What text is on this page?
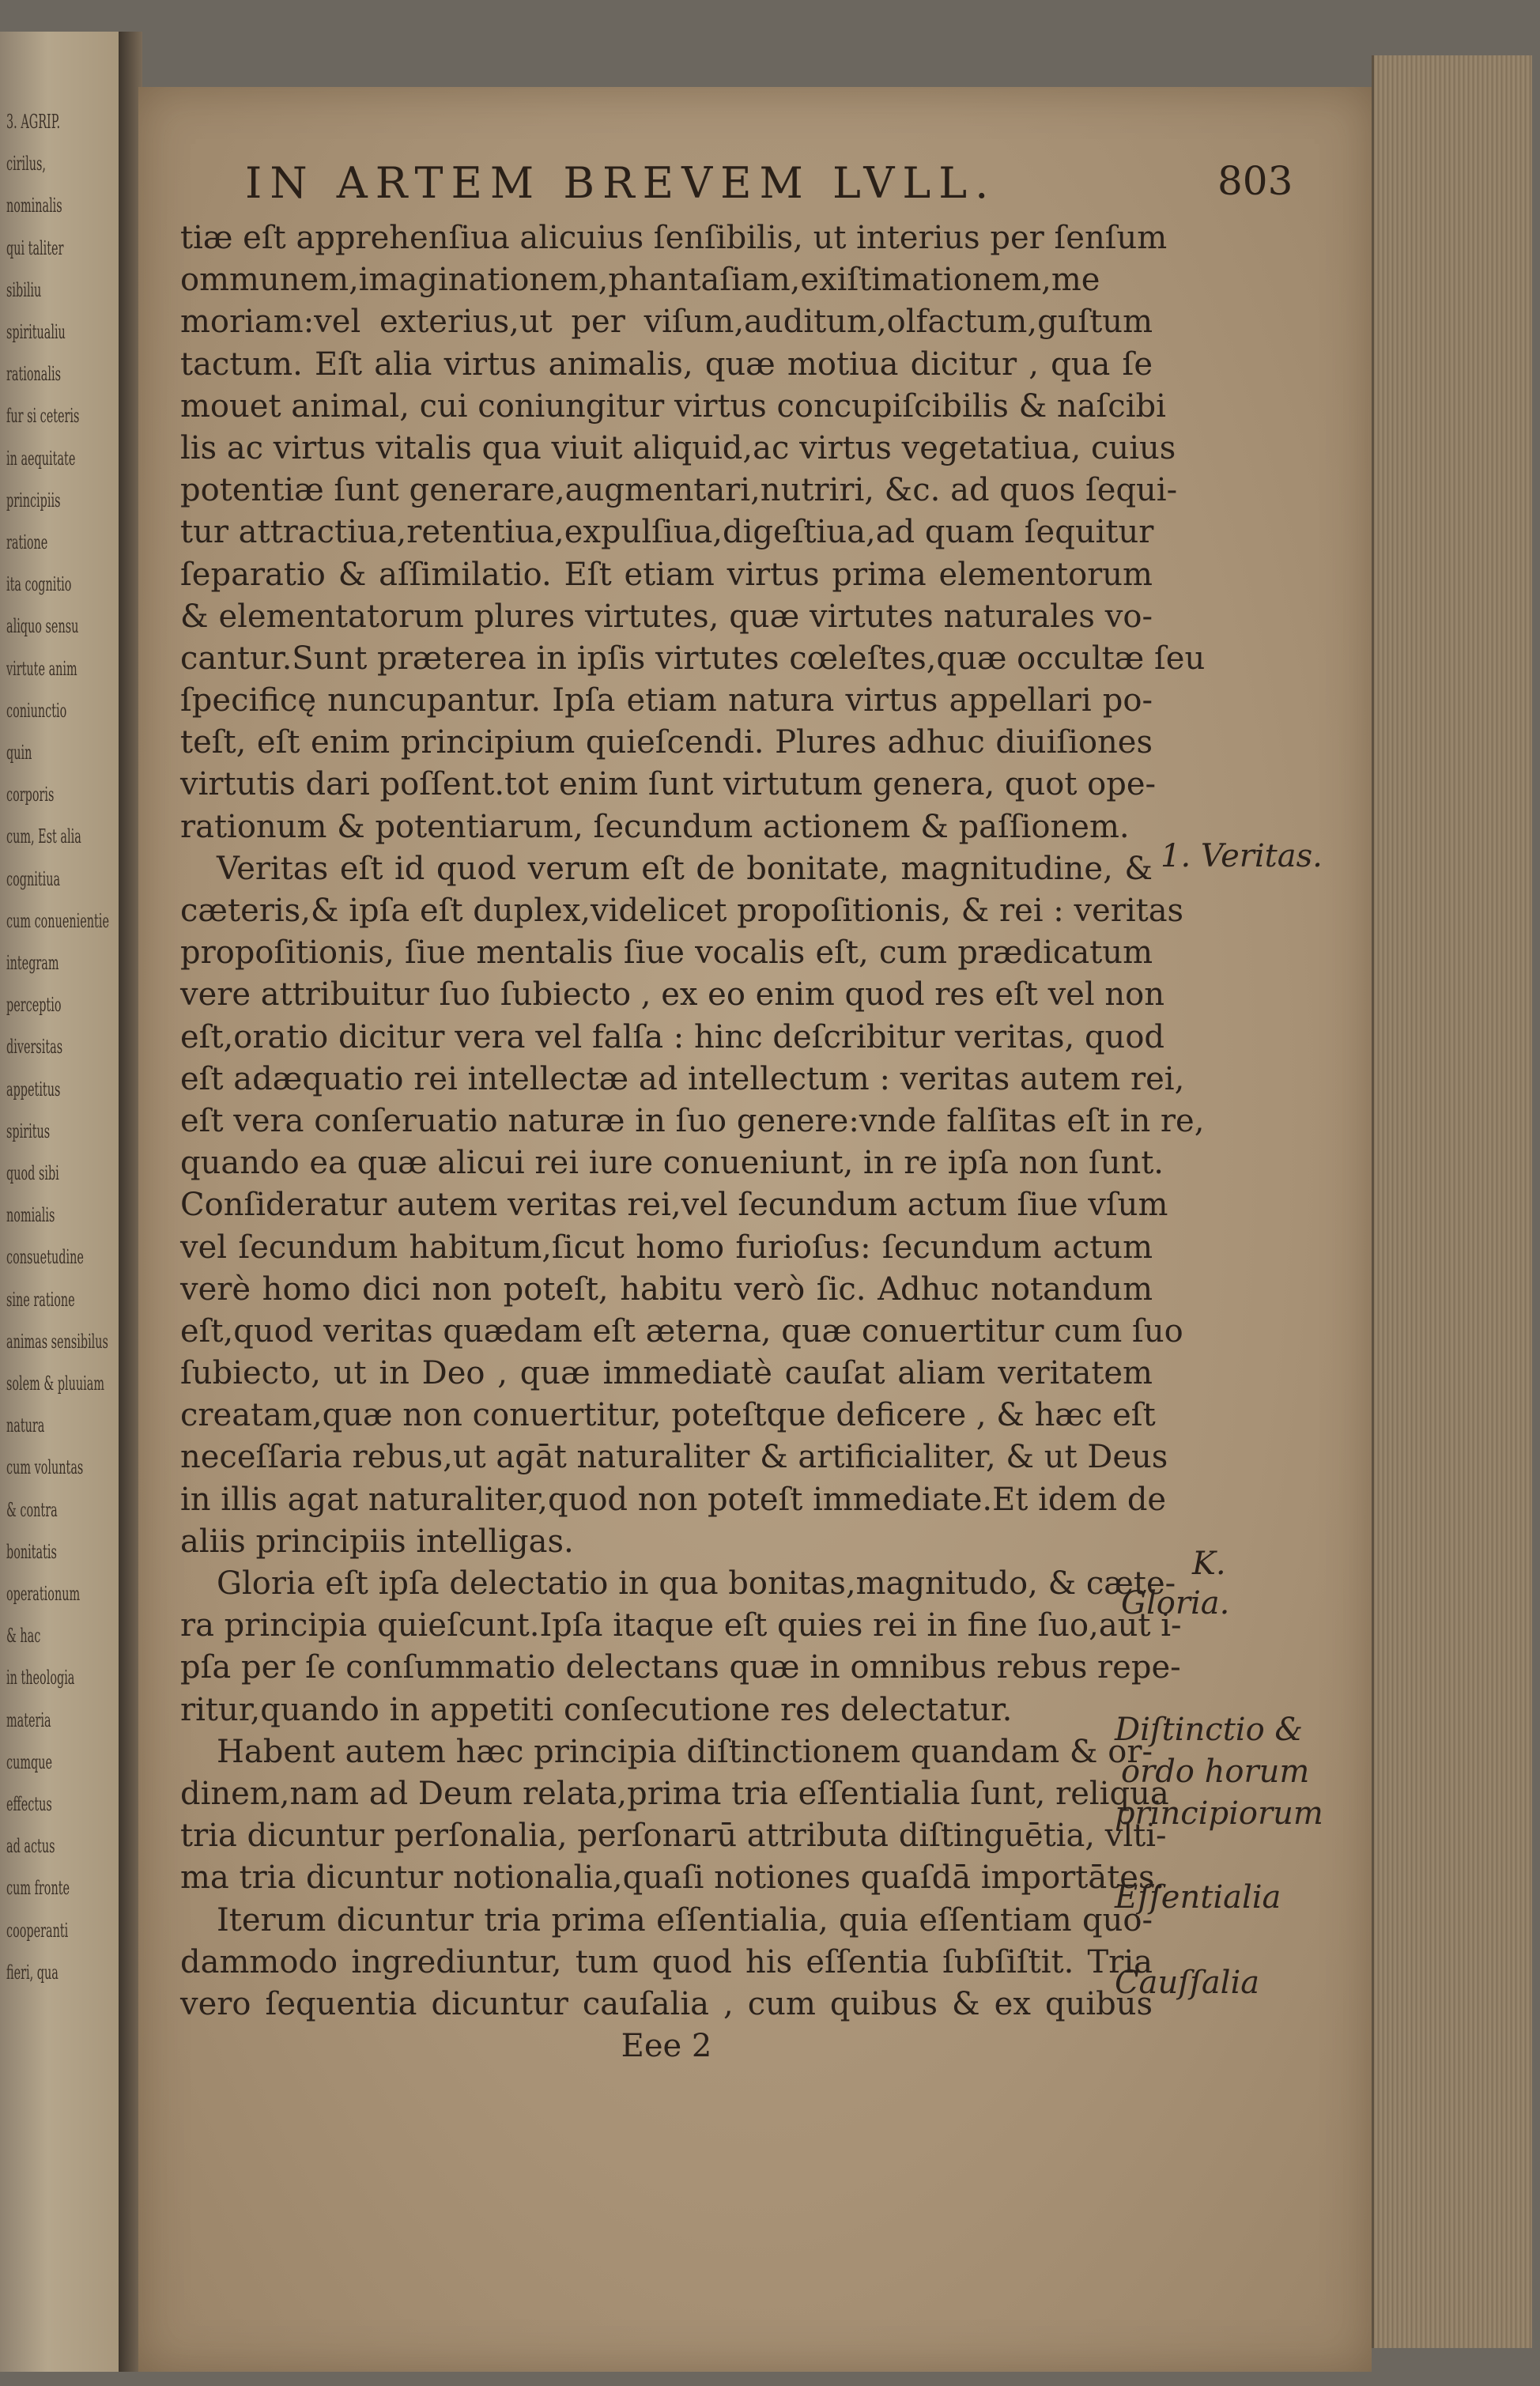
3. AGRIP.
cirilus,
nominalis
qui taliter
sibiliu
spiritualiu
rationalis
fur si ceteris
in aequitate
principiis
ratione
ita cognitio
aliquo sensu
virtute anim
coniunctio
quin
corporis
cum, Est alia
cognitiua
cum conuenientie
integram
perceptio
diversitas
appetitus
spiritus
quod sibi
nomialis
consuetudine
sine ratione
animas sensibilus
solem & pluuiam
natura
cum voluntas
& contra
bonitatis
operationum
& hac
in theologia
materia
cumque
effectus
ad actus
cum fronte
cooperanti
fieri, qua
IN ARTEM BREVEM LVLL.	803
tiæ eſt apprehenſiua alicuius ſenſibilis, ut interius per ſenſum
ommunem,imaginationem,phantaſiam,exiſtimationem,me
moriam:vel exterius,ut per viſum,auditum,olfactum,guſtum
tactum. Eſt alia virtus animalis, quæ motiua dicitur , qua ſe
mouet animal, cui coniungitur virtus concupiſcibilis & naſcibi
lis ac virtus vitalis qua viuit aliquid,ac virtus vegetatiua, cuius
potentiæ ſunt generare,augmentari,nutriri, &c. ad quos ſequi-
tur attractiua,retentiua,expulſiua,digeſtiua,ad quam ſequitur
ſeparatio & aſſimilatio. Eſt etiam virtus prima elementorum
& elementatorum plures virtutes, quæ virtutes naturales vo-
cantur.Sunt præterea in ipſis virtutes cœleſtes,quæ occultæ ſeu
ſpecificę nuncupantur. Ipſa etiam natura virtus appellari po-
teſt, eſt enim principium quieſcendi. Plures adhuc diuiſiones
virtutis dari poſſent.tot enim ſunt virtutum genera, quot ope-
rationum & potentiarum, ſecundum actionem & paſſionem.
Veritas eſt id quod verum eſt de bonitate, magnitudine, &
cæteris,& ipſa eſt duplex,videlicet propoſitionis, & rei : veritas
propoſitionis, ſiue mentalis ſiue vocalis eſt, cum prædicatum
vere attribuitur ſuo ſubiecto , ex eo enim quod res eſt vel non
eſt,oratio dicitur vera vel falſa : hinc deſcribitur veritas, quod
eſt adæquatio rei intellectæ ad intellectum : veritas autem rei,
eſt vera conſeruatio naturæ in ſuo genere:vnde falſitas eſt in re,
quando ea quæ alicui rei iure conueniunt, in re ipſa non ſunt.
Conſideratur autem veritas rei,vel ſecundum actum ſiue vſum
vel ſecundum habitum,ſicut homo furioſus: ſecundum actum
verè homo dici non poteſt, habitu verò ſic. Adhuc notandum
eſt,quod veritas quædam eſt æterna, quæ conuertitur cum ſuo
ſubiecto, ut in Deo , quæ immediatè cauſat aliam veritatem
creatam,quæ non conuertitur, poteſtque deficere , & hæc eſt
neceſſaria rebus,ut agāt naturaliter & artificialiter, & ut Deus
in illis agat naturaliter,quod non poteſt immediate.Et idem de
aliis principiis intelligas.
Gloria eſt ipſa delectatio in qua bonitas,magnitudo, & cæte-
ra principia quieſcunt.Ipſa itaque eſt quies rei in fine ſuo,aut i-
pſa per ſe conſummatio delectans quæ in omnibus rebus repe-
ritur,quando in appetiti conſecutione res delectatur.
Habent autem hæc principia diſtinctionem quandam & or-
dinem,nam ad Deum relata,prima tria eſſentialia ſunt, reliqua
tria dicuntur perſonalia, perſonarū attributa diſtinguētia, vlti-
ma tria dicuntur notionalia,quaſi notiones quaſdā importātes.
Iterum dicuntur tria prima eſſentialia, quia eſſentiam quo-
dammodo ingrediuntur, tum quod his eſſentia ſubſiſtit. Tria
vero ſequentia dicuntur cauſalia , cum quibus & ex quibus
Eee 2
1. Veritas.
K.
Gloria.
Diſtinctio &
ordo horum
principiorum
Eſſentialia
Cauſſalia
